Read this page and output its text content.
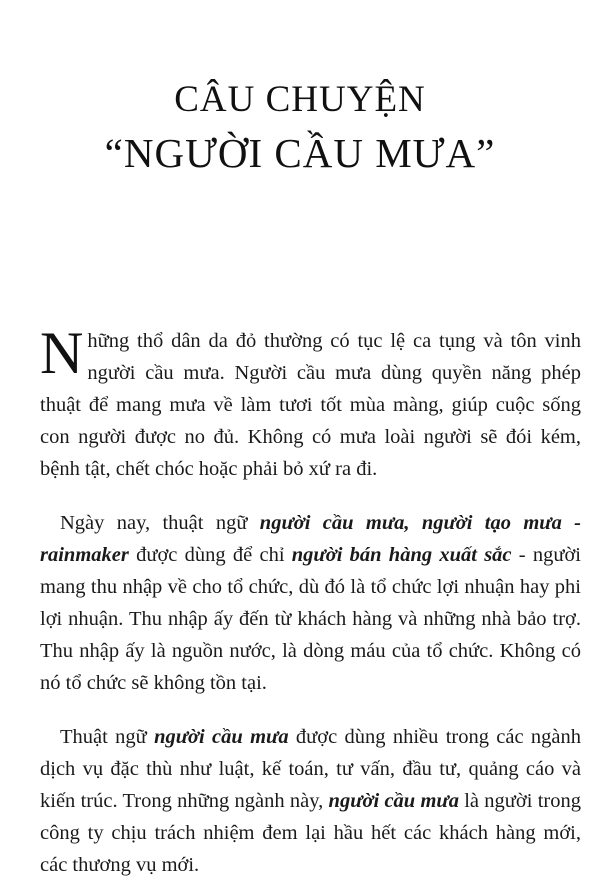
CÂU CHUYỆN
“NGƯỜI CẦU MƯA”

Những thổ dân da đỏ thường có tục lệ ca tụng và tôn vinh người cầu mưa. Người cầu mưa dùng quyền năng phép thuật để mang mưa về làm tươi tốt mùa màng, giúp cuộc sống con người được no đủ. Không có mưa loài người sẽ đói kém, bệnh tật, chết chóc hoặc phải bỏ xứ ra đi.

Ngày nay, thuật ngữ người cầu mưa, người tạo mưa - rainmaker được dùng để chỉ người bán hàng xuất sắc - người mang thu nhập về cho tổ chức, dù đó là tổ chức lợi nhuận hay phi lợi nhuận. Thu nhập ấy đến từ khách hàng và những nhà bảo trợ. Thu nhập ấy là nguồn nước, là dòng máu của tổ chức. Không có nó tổ chức sẽ không tồn tại.

Thuật ngữ người cầu mưa được dùng nhiều trong các ngành dịch vụ đặc thù như luật, kế toán, tư vấn, đầu tư, quảng cáo và kiến trúc. Trong những ngành này, người cầu mưa là người trong công ty chịu trách nhiệm đem lại hầu hết các khách hàng mới, các thương vụ mới.
